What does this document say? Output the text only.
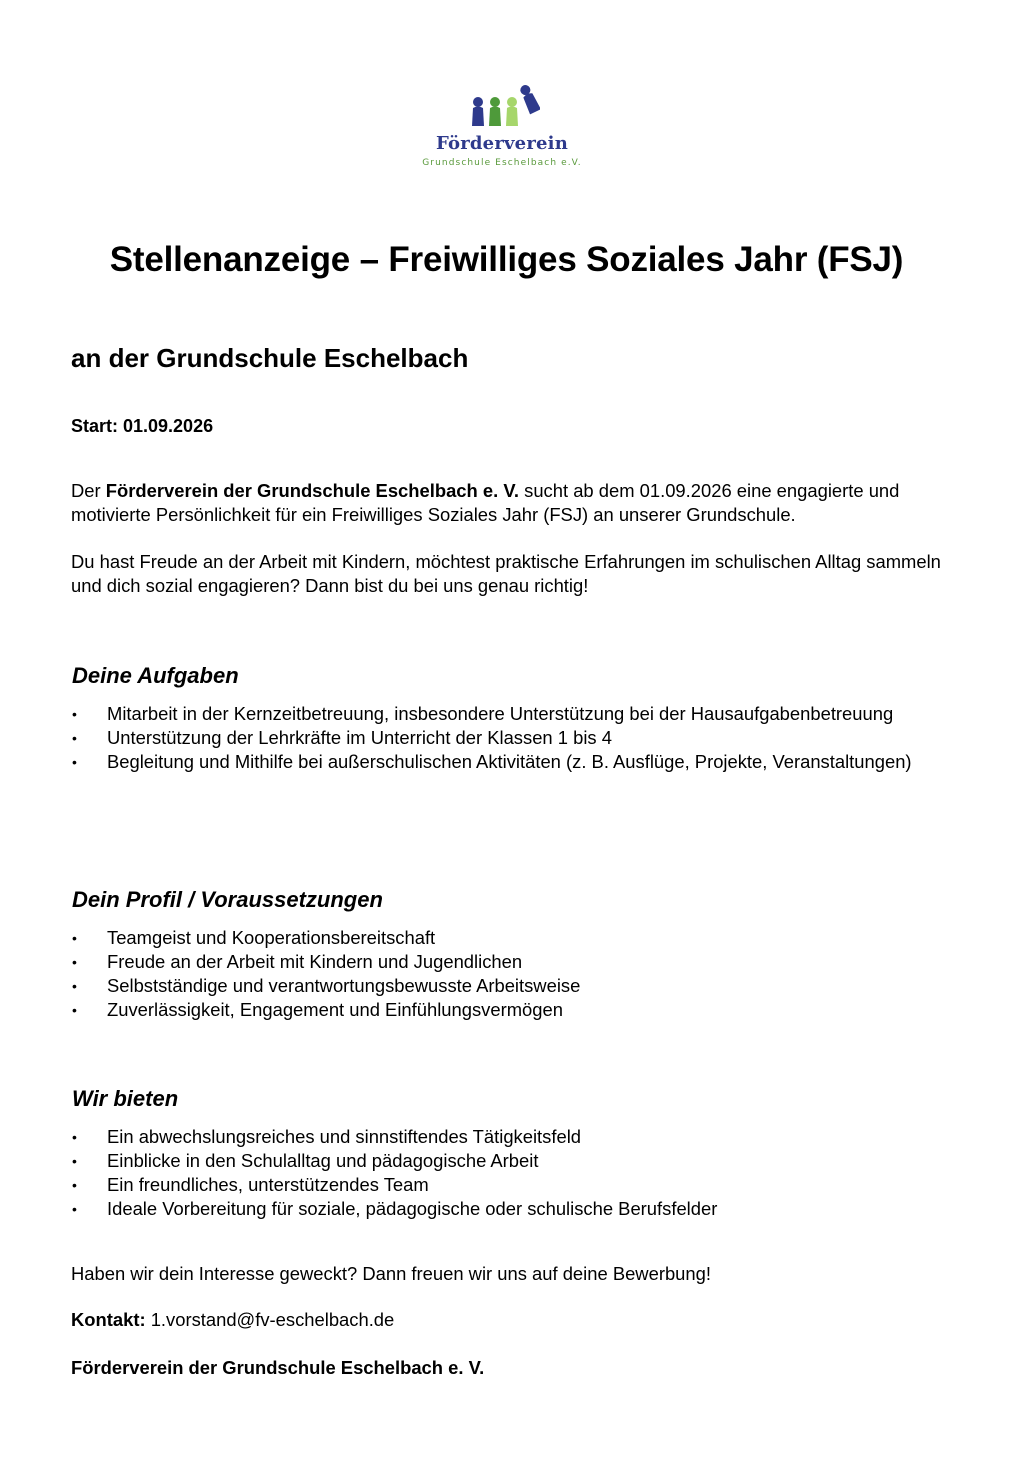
Förderverein
Grundschule Eschelbach e.V.
Stellenanzeige – Freiwilliges Soziales Jahr (FSJ)
an der Grundschule Eschelbach

Start: 01.09.2026

Der Förderverein der Grundschule Eschelbach e. V. sucht ab dem 01.09.2026 eine engagierte und motivierte Persönlichkeit für ein Freiwilliges Soziales Jahr (FSJ) an unserer Grundschule.

Du hast Freude an der Arbeit mit Kindern, möchtest praktische Erfahrungen im schulischen Alltag sammeln und dich sozial engagieren? Dann bist du bei uns genau richtig!

Deine Aufgaben
• Mitarbeit in der Kernzeitbetreuung, insbesondere Unterstützung bei der Hausaufgabenbetreuung
• Unterstützung der Lehrkräfte im Unterricht der Klassen 1 bis 4
• Begleitung und Mithilfe bei außerschulischen Aktivitäten (z. B. Ausflüge, Projekte, Veranstaltungen)
Dein Profil / Voraussetzungen
• Teamgeist und Kooperationsbereitschaft
• Freude an der Arbeit mit Kindern und Jugendlichen
• Selbstständige und verantwortungsbewusste Arbeitsweise
• Zuverlässigkeit, Engagement und Einfühlungsvermögen
Wir bieten
• Ein abwechslungsreiches und sinnstiftendes Tätigkeitsfeld
• Einblicke in den Schulalltag und pädagogische Arbeit
• Ein freundliches, unterstützendes Team
• Ideale Vorbereitung für soziale, pädagogische oder schulische Berufsfelder

Haben wir dein Interesse geweckt? Dann freuen wir uns auf deine Bewerbung!

Kontakt: 1.vorstand@fv-eschelbach.de

Förderverein der Grundschule Eschelbach e. V.
